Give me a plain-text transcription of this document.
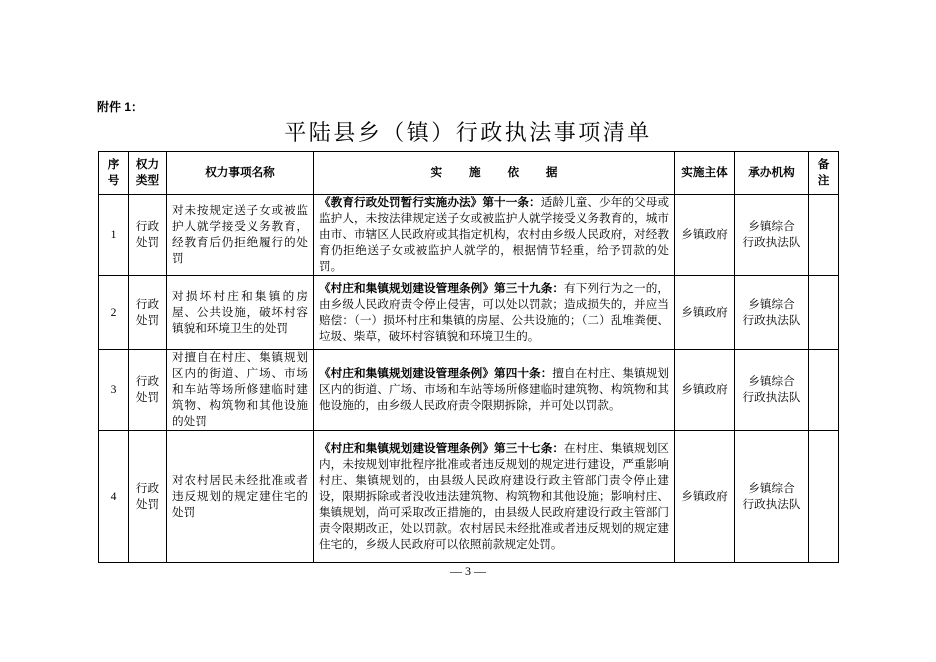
附件 1：
平陆县乡（镇）行政执法事项清单
序号	权力类型	权力事项名称	实 施 依 据	实施主体	承办机构	备注
1	行政处罚	对未按规定送子女或被监护人就学接受义务教育，经教育后仍拒绝履行的处罚	《教育行政处罚暂行实施办法》第十一条：适龄儿童、少年的父母或监护人，未按法律规定送子女或被监护人就学接受义务教育的，城市由市、市辖区人民政府或其指定机构，农村由乡级人民政府，对经教育仍拒绝送子女或被监护人就学的，根据情节轻重，给予罚款的处罚。	乡镇政府	乡镇综合
行政执法队	
2	行政处罚	对损坏村庄和集镇的房屋、公共设施，破坏村容镇貌和环境卫生的处罚	《村庄和集镇规划建设管理条例》第三十九条：有下列行为之一的，由乡级人民政府责令停止侵害，可以处以罚款；造成损失的，并应当赔偿：（一）损坏村庄和集镇的房屋、公共设施的；（二）乱堆粪便、垃圾、柴草，破坏村容镇貌和环境卫生的。	乡镇政府	乡镇综合
行政执法队	
3	行政处罚	对擅自在村庄、集镇规划区内的街道、广场、市场和车站等场所修建临时建筑物、构筑物和其他设施的处罚	《村庄和集镇规划建设管理条例》第四十条：擅自在村庄、集镇规划区内的街道、广场、市场和车站等场所修建临时建筑物、构筑物和其他设施的，由乡级人民政府责令限期拆除，并可处以罚款。	乡镇政府	乡镇综合
行政执法队	
4	行政处罚	对农村居民未经批准或者违反规划的规定建住宅的处罚	《村庄和集镇规划建设管理条例》第三十七条：在村庄、集镇规划区内，未按规划审批程序批准或者违反规划的规定进行建设，严重影响村庄、集镇规划的，由县级人民政府建设行政主管部门责令停止建设，限期拆除或者没收违法建筑物、构筑物和其他设施；影响村庄、集镇规划，尚可采取改正措施的，由县级人民政府建设行政主管部门责令限期改正，处以罚款。农村居民未经批准或者违反规划的规定建住宅的，乡级人民政府可以依照前款规定处罚。	乡镇政府	乡镇综合
行政执法队	
— 3 —
